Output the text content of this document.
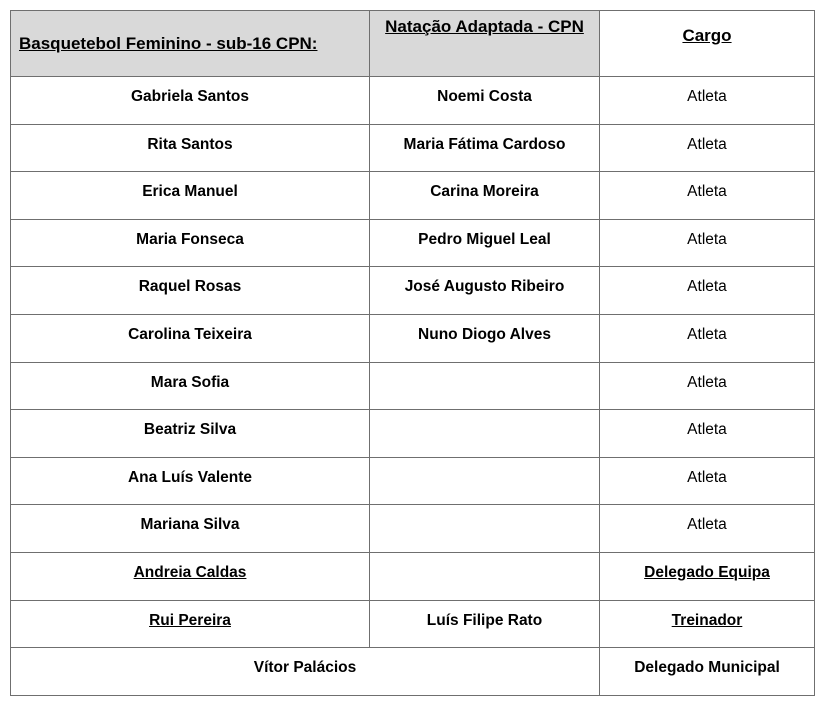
Basquetebol Feminino - sub-16 CPN:	Natação Adaptada - CPN	Cargo
Gabriela Santos	Noemi Costa	Atleta
Rita Santos	Maria Fátima Cardoso	Atleta
Erica Manuel	Carina Moreira	Atleta
Maria Fonseca	Pedro Miguel Leal	Atleta
Raquel Rosas	José Augusto Ribeiro	Atleta
Carolina Teixeira	Nuno Diogo Alves	Atleta
Mara Sofia		Atleta
Beatriz Silva		Atleta
Ana Luís Valente		Atleta
Mariana Silva		Atleta
Andreia Caldas		Delegado Equipa
Rui Pereira	Luís Filipe Rato	Treinador
Vítor Palácios		Delegado Municipal
